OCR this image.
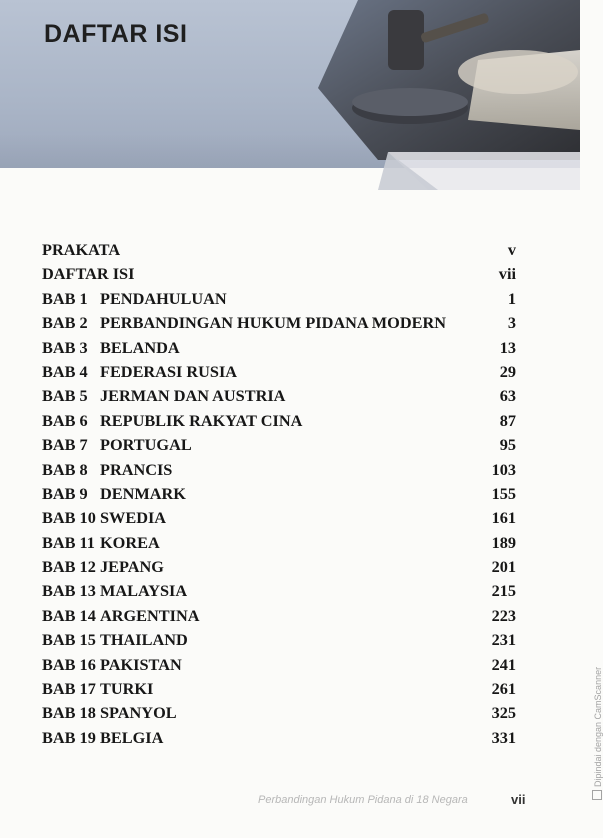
DAFTAR ISI
PRAKATA	v
DAFTAR ISI	vii
BAB 1 PENDAHULUAN	1
BAB 2 PERBANDINGAN HUKUM PIDANA MODERN	3
BAB 3 BELANDA	13
BAB 4 FEDERASI RUSIA	29
BAB 5 JERMAN DAN AUSTRIA	63
BAB 6 REPUBLIK RAKYAT CINA	87
BAB 7 PORTUGAL	95
BAB 8 PRANCIS	103
BAB 9 DENMARK	155
BAB 10 SWEDIA	161
BAB 11 KOREA	189
BAB 12 JEPANG	201
BAB 13 MALAYSIA	215
BAB 14 ARGENTINA	223
BAB 15 THAILAND	231
BAB 16 PAKISTAN	241
BAB 17 TURKI	261
BAB 18 SPANYOL	325
BAB 19 BELGIA	331
Perbandingan Hukum Pidana di 18 Negara	vii
Dipindai dengan CamScanner
